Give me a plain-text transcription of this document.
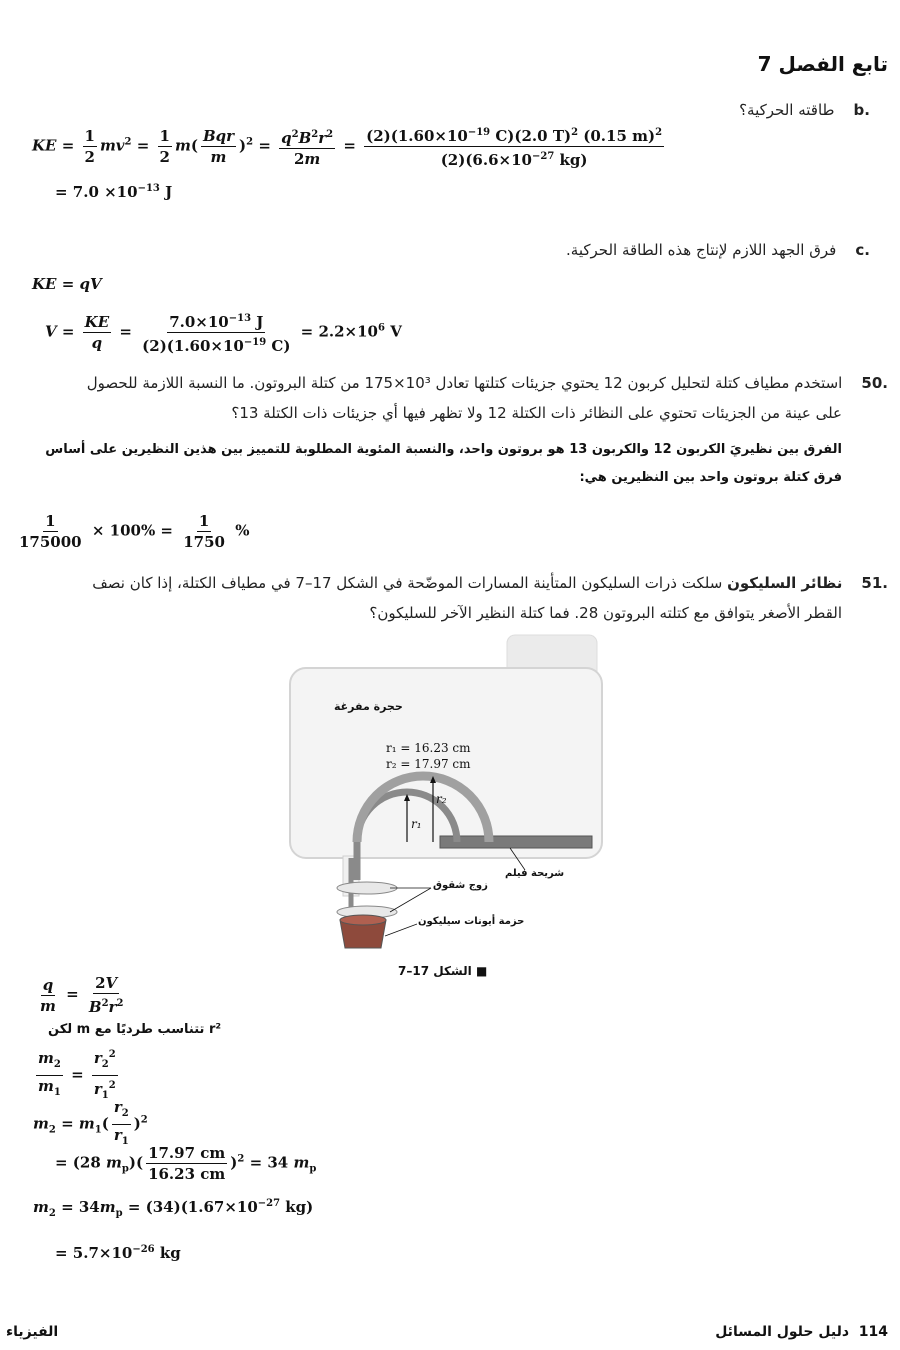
تابع الفصل 7
.b    طاقته الحركية؟
KE = $\frac{1}{2} mv^2 = \frac{1}{2} m( \frac{\text{Bqr}}{m} )^2 = \frac{q^2B^2r^2}{2m} = \frac{(2)(1.60\times 10^{-19} C)(2.0 T)^2 (0.15 m)^2}{(2)(6.6\times 10^{-27} kg)}$
= $7.0 \times 10^{-13}$ J
.c    فرق الجهد اللازم لإنتاج هذه الطاقة الحركية.
KE = qV
$V = \frac{KE}{q} = \frac{7.0\times 10^{-13} J}{(2)(1.60\times 10^{-19} C)} = 2.2\times 10^6$ V
.50    استخدم مطياف كتلة لتحليل كربون 12 يحتوي جزيئات كتلتها تعادل 10³×175 من كتلة البروتون. ما النسبة اللازمة للحصول
على عينة من الجزيئات تحتوي على النظائر ذات الكتلة 12 ولا تظهر فيها أي جزيئات ذات الكتلة 13؟
الفرق بين نظيريَ الكربون 12 والكربون 13 هو بروتون واحد، والنسبة المئوية المطلوبة للتمييز بين هذين النظيرين على أساس
فرق كتلة بروتون واحد بين النظيرين هي:
$\frac{1}{175000} \times 100\% = \frac{1}{1750}$ %
.51    نظائر السليكون سلكت ذرات السليكون المتأينة المسارات الموضّحة في الشكل 17–7 في مطياف الكتلة، إذا كان نصف
القطر الأصغر يتوافق مع كتلته البروتون 28. فما كتلة النظير الآخر للسليكون؟
حجرة مفرغة
r₁ = 16.23 cm
r₂ = 17.97 cm
r₁
r₂
شريحة فيلم
زوج شقوق
حزمة أيونات سيليكون
الشكل 17–7 ■
$\frac{q}{m} = \frac{2V}{B^2r^2}$
لكن m تتناسب طرديًا مع r²
$\frac{m_2}{m_1} = \frac{r_2^2}{r_1^2}$
$m_2 = m_1( \frac{r_2}{r_1} )^2$
= (28 $m_p)( \frac{17.97 cm}{16.23 cm} )^2 = 34$ $m_p$
$m_2 = 34m_p = (34)(1.67\times 10^{-27}$ kg)
= $5.7\times 10^{-26}$ kg
114  دليل حلول المسائل
الفيزياء
